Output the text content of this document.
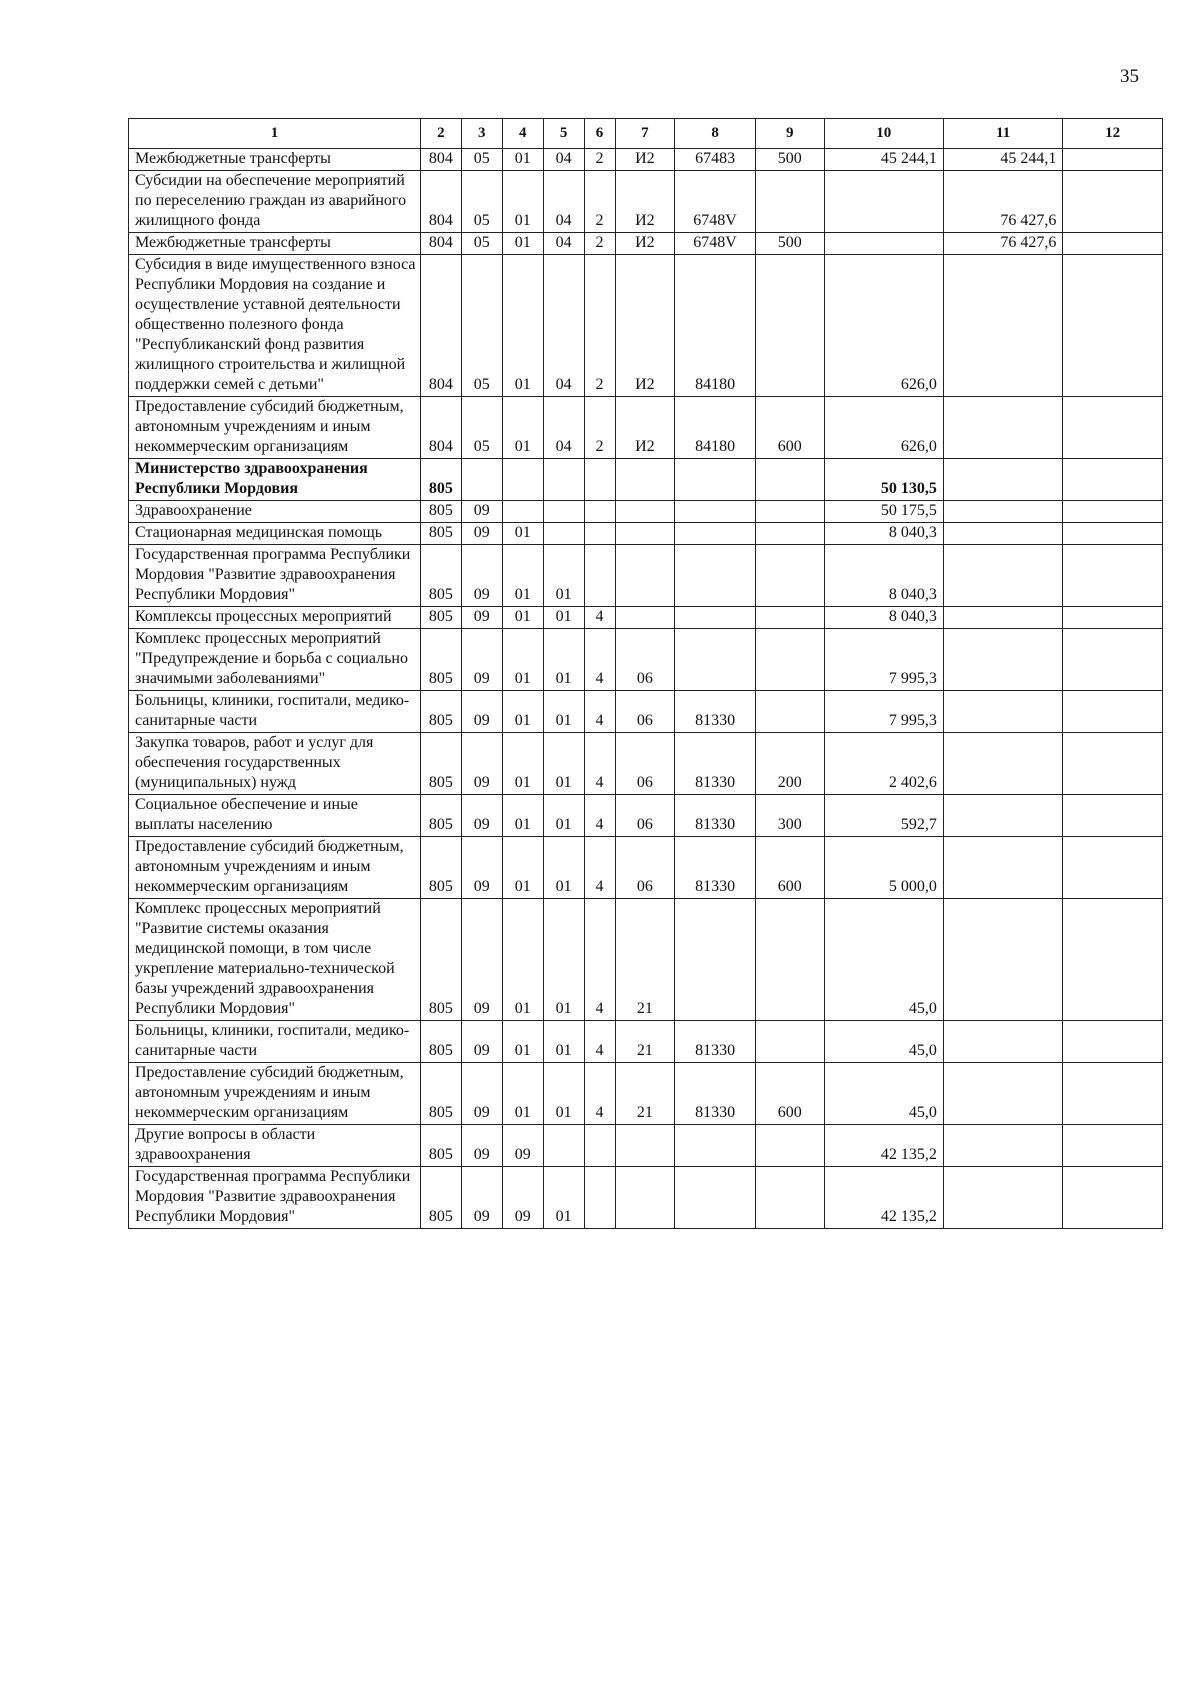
35
1	2	3	4	5	6	7	8	9	10	11	12
Межбюджетные трансферты	804	05	01	04	2	И2	67483	500	45 244,1	45 244,1	
Субсидии на обеспечение мероприятий по переселению граждан из аварийного жилищного фонда	804	05	01	04	2	И2	6748V			76 427,6	
Межбюджетные трансферты	804	05	01	04	2	И2	6748V	500		76 427,6	
Субсидия в виде имущественного взноса Республики Мордовия на создание и осуществление уставной деятельности общественно полезного фонда "Республиканский фонд развития жилищного строительства и жилищной поддержки семей с детьми"	804	05	01	04	2	И2	84180		626,0		
Предоставление субсидий бюджетным, автономным учреждениям и иным некоммерческим организациям	804	05	01	04	2	И2	84180	600	626,0		
Министерство здравоохранения Республики Мордовия	805								50 130,5		
Здравоохранение	805	09							50 175,5		
Стационарная медицинская помощь	805	09	01						8 040,3		
Государственная программа Республики Мордовия "Развитие здравоохранения Республики Мордовия"	805	09	01	01					8 040,3		
Комплексы процессных мероприятий	805	09	01	01	4				8 040,3		
Комплекс процессных мероприятий "Предупреждение и борьба с социально значимыми заболеваниями"	805	09	01	01	4	06			7 995,3		
Больницы, клиники, госпитали, медико-санитарные части	805	09	01	01	4	06	81330		7 995,3		
Закупка товаров, работ и услуг для обеспечения государственных (муниципальных) нужд	805	09	01	01	4	06	81330	200	2 402,6		
Социальное обеспечение и иные выплаты населению	805	09	01	01	4	06	81330	300	592,7		
Предоставление субсидий бюджетным, автономным учреждениям и иным некоммерческим организациям	805	09	01	01	4	06	81330	600	5 000,0		
Комплекс процессных мероприятий "Развитие системы оказания медицинской помощи, в том числе укрепление материально-технической базы учреждений здравоохранения Республики Мордовия"	805	09	01	01	4	21			45,0		
Больницы, клиники, госпитали, медико-санитарные части	805	09	01	01	4	21	81330		45,0		
Предоставление субсидий бюджетным, автономным учреждениям и иным некоммерческим организациям	805	09	01	01	4	21	81330	600	45,0		
Другие вопросы в области здравоохранения	805	09	09						42 135,2		
Государственная программа Республики Мордовия "Развитие здравоохранения Республики Мордовия"	805	09	09	01					42 135,2		
